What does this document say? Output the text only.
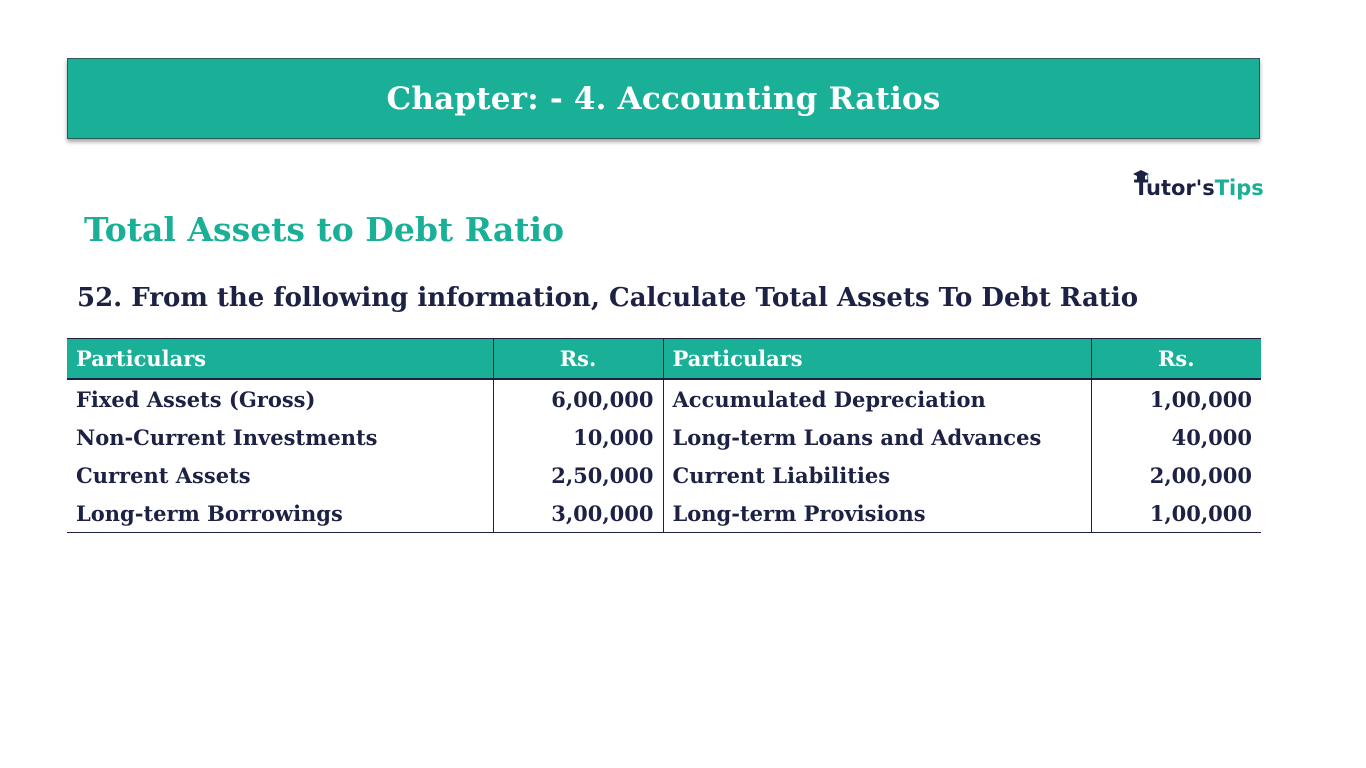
Chapter: - 4. Accounting Ratios
Tutor'sTips
Total Assets to Debt Ratio
52. From the following information, Calculate Total Assets To Debt Ratio
Particulars	Rs.	Particulars	Rs.
Fixed Assets (Gross)	6,00,000	Accumulated Depreciation	1,00,000
Non-Current Investments	10,000	Long-term Loans and Advances	40,000
Current Assets	2,50,000	Current Liabilities	2,00,000
Long-term Borrowings	3,00,000	Long-term Provisions	1,00,000
